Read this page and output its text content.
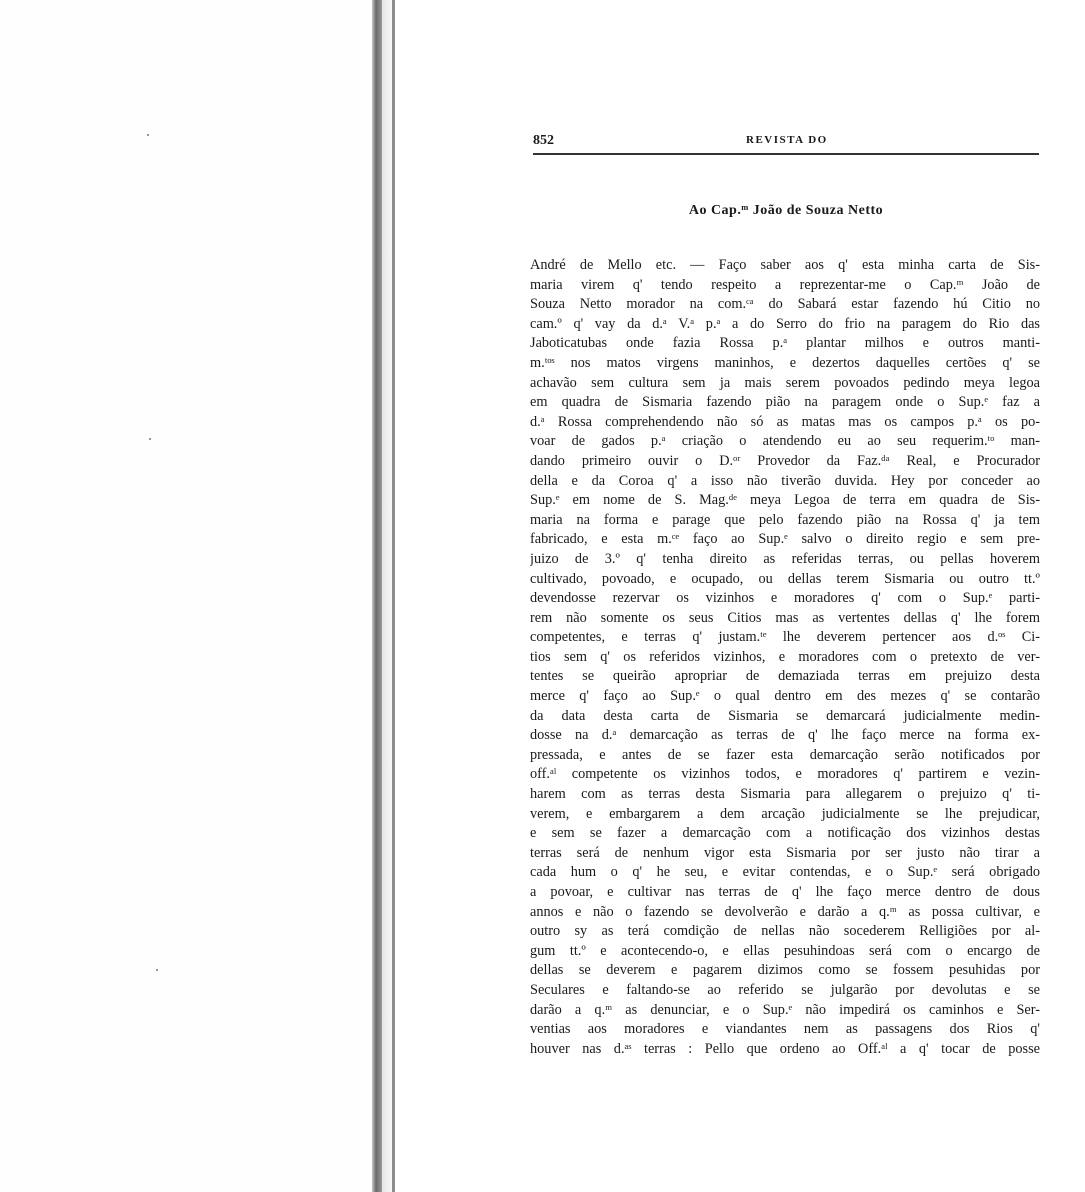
852	REVISTA DO
Ao Cap.ᵐ João de Souza Netto
André de Mello etc. — Faço saber aos q' esta minha carta de Sis-
maria virem q' tendo respeito a reprezentar-me o Cap.ᵐ João de
Souza Netto morador na com.ᶜᵃ do Sabará estar fazendo hú Citio no
cam.º q' vay da d.ᵃ V.ᵃ p.ᵃ a do Serro do frio na paragem do Rio das
Jaboticatubas onde fazia Rossa p.ᵃ plantar milhos e outros manti-
m.ᵗᵒˢ nos matos virgens maninhos, e dezertos daquelles certões q' se
achavão sem cultura sem ja mais serem povoados pedindo meya legoa
em quadra de Sismaria fazendo pião na paragem onde o Sup.ᵉ faz a
d.ᵃ Rossa comprehendendo não só as matas mas os campos p.ᵃ os po-
voar de gados p.ᵃ criação o atendendo eu ao seu requerim.ᵗᵒ man-
dando primeiro ouvir o D.ᵒʳ Provedor da Faz.ᵈᵃ Real, e Procurador
della e da Coroa q' a isso não tiverão duvida. Hey por conceder ao
Sup.ᵉ em nome de S. Mag.ᵈᵉ meya Legoa de terra em quadra de Sis-
maria na forma e parage que pelo fazendo pião na Rossa q' ja tem
fabricado, e esta m.ᶜᵉ faço ao Sup.ᵉ salvo o direito regio e sem pre-
juizo de 3.º q' tenha direito as referidas terras, ou pellas hoverem
cultivado, povoado, e ocupado, ou dellas terem Sismaria ou outro tt.º
devendosse rezervar os vizinhos e moradores q' com o Sup.ᵉ parti-
rem não somente os seus Citios mas as vertentes dellas q' lhe forem
competentes, e terras q' justam.ᵗᵉ lhe deverem pertencer aos d.ᵒˢ Ci-
tios sem q' os referidos vizinhos, e moradores com o pretexto de ver-
tentes se queirão apropriar de demaziada terras em prejuizo desta
merce q' faço ao Sup.ᵉ o qual dentro em des mezes q' se contarão
da data desta carta de Sismaria se demarcará judicialmente medin-
dosse na d.ᵃ demarcação as terras de q' lhe faço merce na forma ex-
pressada, e antes de se fazer esta demarcação serão notificados por
off.ᵃˡ competente os vizinhos todos, e moradores q' partirem e vezin-
harem com as terras desta Sismaria para allegarem o prejuizo q' ti-
verem, e embargarem a dem arcação judicialmente se lhe prejudicar,
e sem se fazer a demarcação com a notificação dos vizinhos destas
terras será de nenhum vigor esta Sismaria por ser justo não tirar a
cada hum o q' he seu, e evitar contendas, e o Sup.ᵉ será obrigado
a povoar, e cultivar nas terras de q' lhe faço merce dentro de dous
annos e não o fazendo se devolverão e darão a q.ᵐ as possa cultivar, e
outro sy as terá comdição de nellas não socederem Relligiões por al-
gum tt.º e acontecendo-o, e ellas pesuhindoas será com o encargo de
dellas se deverem e pagarem dizimos como se fossem pesuhidas por
Seculares e faltando-se ao referido se julgarão por devolutas e se
darão a q.ᵐ as denunciar, e o Sup.ᵉ não impedirá os caminhos e Ser-
ventias aos moradores e viandantes nem as passagens dos Rios q'
houver nas d.ᵃˢ terras : Pello que ordeno ao Off.ᵃˡ a q' tocar de posse
